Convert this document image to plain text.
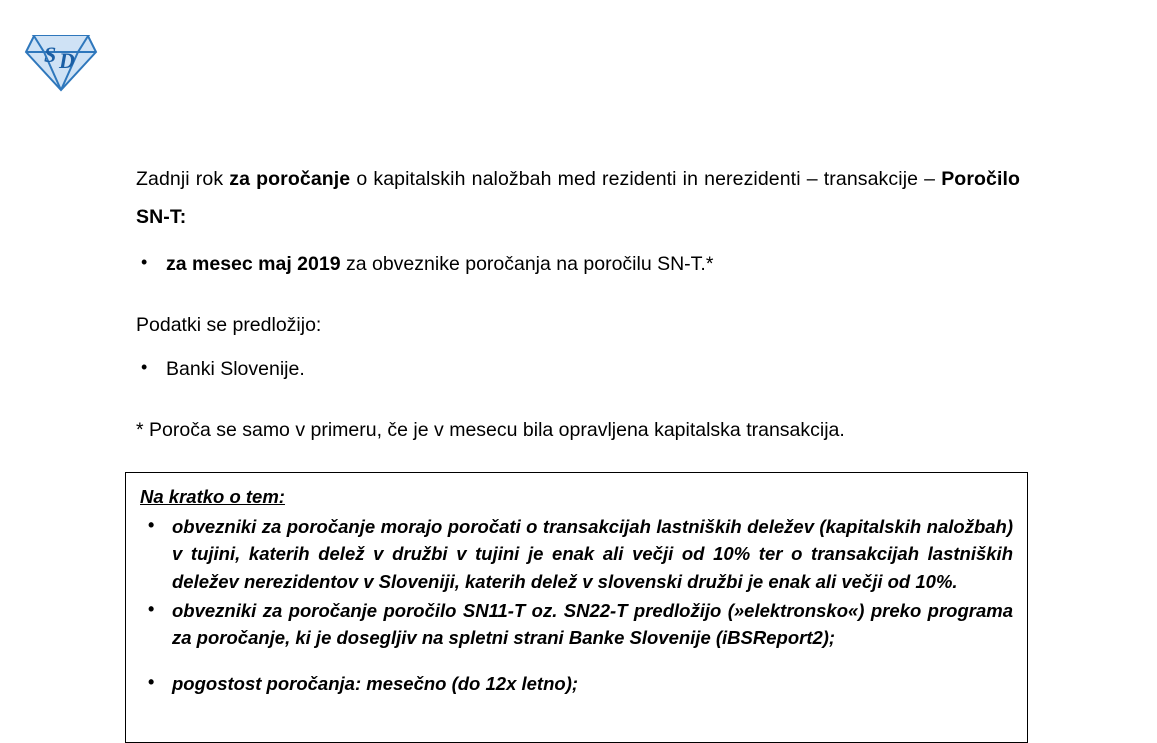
S D

Zadnji rok za poročanje o kapitalskih naložbah med rezidenti in nerezidenti – transakcije – Poročilo SN-T:

• za mesec maj 2019 za obveznike poročanja na poročilu SN-T.*

Podatki se predložijo:

• Banki Slovenije.

* Poroča se samo v primeru, če je v mesecu bila opravljena kapitalska transakcija.

Na kratko o tem:

• obvezniki za poročanje morajo poročati o transakcijah lastniških deležev (kapitalskih naložbah) v tujini, katerih delež v družbi v tujini je enak ali večji od 10% ter o transakcijah lastniških deležev nerezidentov v Sloveniji, katerih delež v slovenski družbi je enak ali večji od 10%.
• obvezniki za poročanje poročilo SN11-T oz. SN22-T predložijo (»elektronsko«) preko programa za poročanje, ki je dosegljiv na spletni strani Banke Slovenije (iBSReport2);
• pogostost poročanja: mesečno (do 12x letno);
